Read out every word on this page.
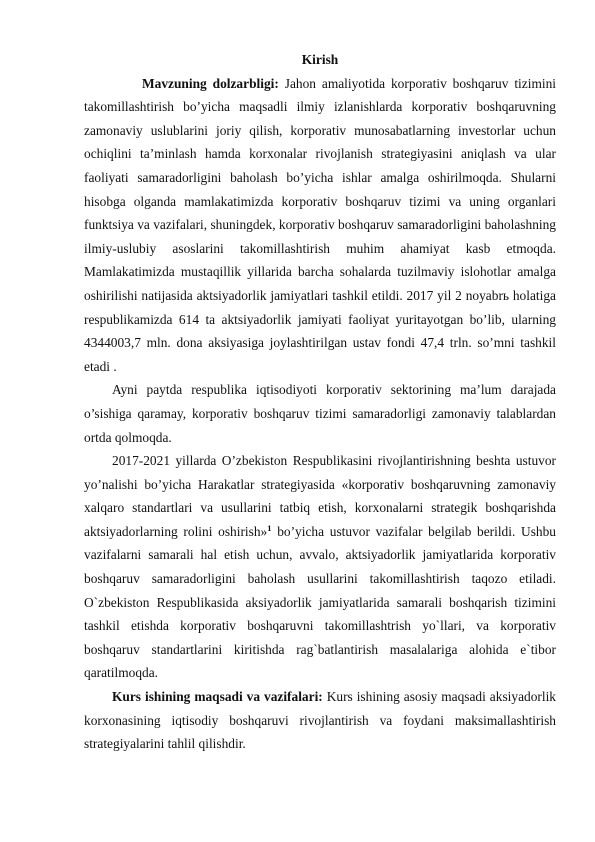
Kirish

Mavzuning dolzarbligi: Jahon amaliyotida korporativ boshqaruv tizimini takomillashtirish bo’yicha maqsadli ilmiy izlanishlarda korporativ boshqaruvning zamonaviy uslublarini joriy qilish, korporativ munosabatlarning investorlar uchun ochiqlini ta’minlash hamda korxonalar rivojlanish strategiyasini aniqlash va ular faoliyati samaradorligini baholash bo’yicha ishlar amalga oshirilmoqda. Shularni hisobga olganda mamlakatimizda korporativ boshqaruv tizimi va uning organlari funktsiya va vazifalari, shuningdek, korporativ boshqaruv samaradorligini baholashning ilmiy-uslubiy asoslarini takomillashtirish muhim ahamiyat kasb etmoqda. Mamlakatimizda mustaqillik yillarida barcha sohalarda tuzilmaviy islohotlar amalga oshirilishi natijasida aktsiyadorlik jamiyatlari tashkil etildi. 2017 yil 2 noyabrь holatiga respublikamizda 614 ta aktsiyadorlik jamiyati faoliyat yuritayotgan bo’lib, ularning 4344003,7 mln. dona aksiyasiga joylashtirilgan ustav fondi 47,4 trln. so’mni tashkil etadi .

Ayni paytda respublika iqtisodiyoti korporativ sektorining ma’lum darajada o’sishiga qaramay, korporativ boshqaruv tizimi samaradorligi zamonaviy talablardan ortda qolmoqda.

2017-2021 yillarda O’zbekiston Respublikasini rivojlantirishning beshta ustuvor yo’nalishi bo’yicha Harakatlar strategiyasida «korporativ boshqaruvning zamonaviy xalqaro standartlari va usullarini tatbiq etish, korxonalarni strategik boshqarishda aktsiyadorlarning rolini oshirish»$^1$ bo’yicha ustuvor vazifalar belgilab berildi. Ushbu vazifalarni samarali hal etish uchun, avvalo, aktsiyadorlik jamiyatlarida korporativ boshqaruv samaradorligini baholash usullarini takomillashtirish taqozo etiladi. O`zbekiston Respublikasida aksiyadorlik jamiyatlarida samarali boshqarish tizimini tashkil etishda korporativ boshqaruvni takomillashtrish yo`llari, va korporativ boshqaruv standartlarini kiritishda rag`batlantirish masalalariga alohida e`tibor qaratilmoqda.

Kurs ishining maqsadi va vazifalari: Kurs ishining asosiy maqsadi aksiyadorlik korxonasining iqtisodiy boshqaruvi rivojlantirish va foydani maksimallashtirish strategiyalarini tahlil qilishdir.
